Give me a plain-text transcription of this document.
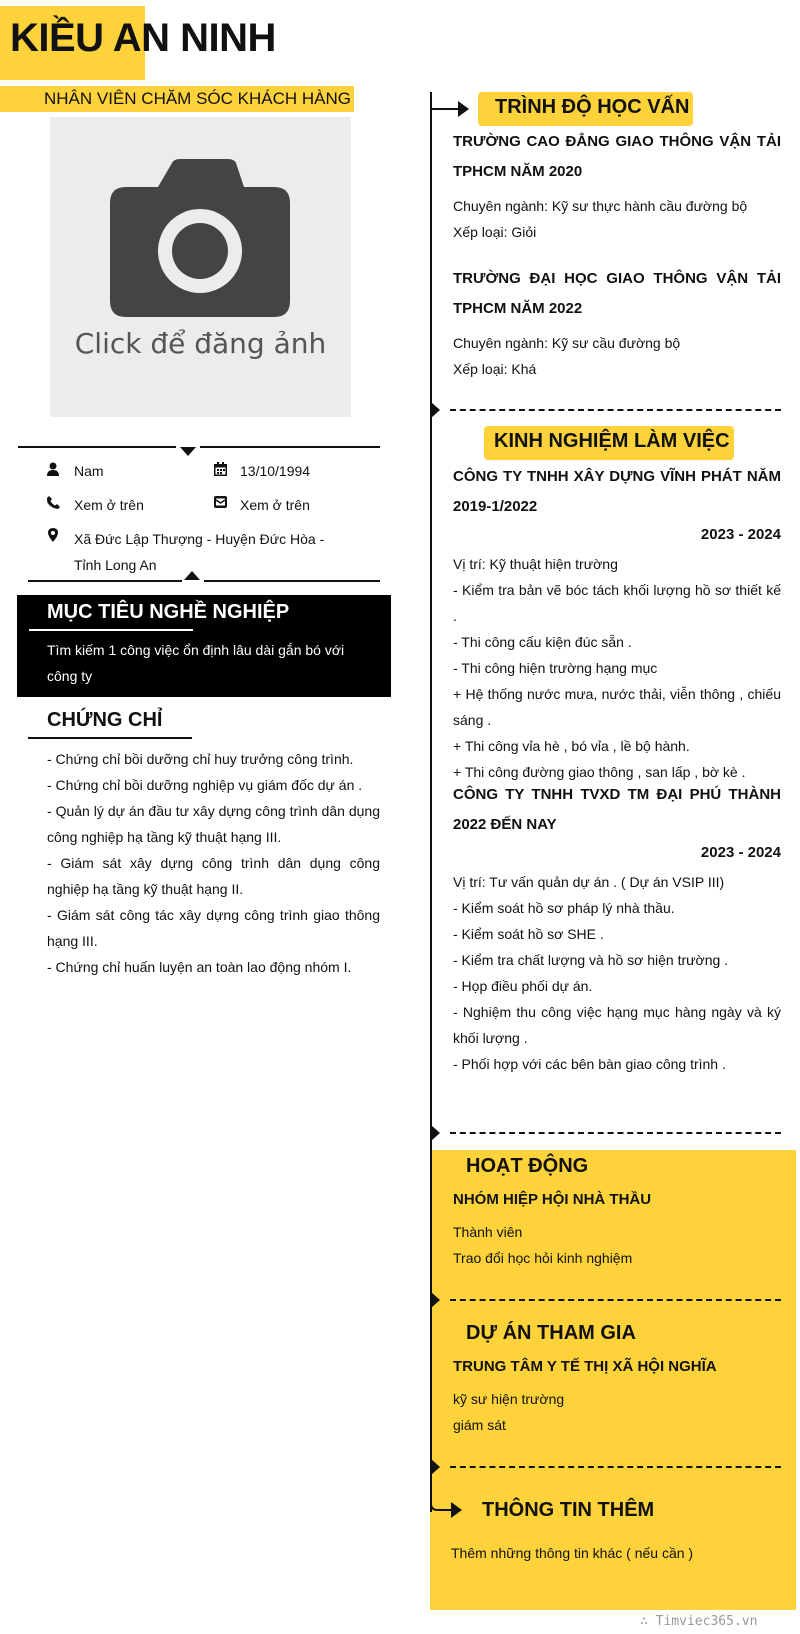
KIỀU AN NINH
NHÂN VIÊN CHĂM SÓC KHÁCH HÀNG
Click để đăng ảnh
Nam	13/10/1994
Xem ở trên	Xem ở trên
Xã Đức Lập Thượng - Huyện Đức Hòa -
Tỉnh Long An
MỤC TIÊU NGHỀ NGHIỆP
Tìm kiếm 1 công việc ổn định lâu dài gắn bó với công ty
CHỨNG CHỈ
- Chứng chỉ bồi dưỡng chỉ huy trưởng công trình.
- Chứng chỉ bồi dưỡng nghiệp vụ giám đốc dự án .
- Quản lý dự án đầu tư xây dựng công trình dân dụng công nghiệp hạ tầng kỹ thuật hạng III.
- Giám sát xây dựng công trình dân dụng công nghiệp hạ tầng kỹ thuật hạng II.
- Giám sát công tác xây dựng công trình giao thông hạng III.
- Chứng chỉ huấn luyện an toàn lao động nhóm I.
TRÌNH ĐỘ HỌC VẤN
TRƯỜNG CAO ĐẲNG GIAO THÔNG VẬN TẢI TPHCM NĂM 2020
Chuyên ngành: Kỹ sư thực hành cầu đường bộ
Xếp loại: Giỏi
TRƯỜNG ĐẠI HỌC GIAO THÔNG VẬN TẢI TPHCM NĂM 2022
Chuyên ngành: Kỹ sư cầu đường bộ
Xếp loại: Khá
KINH NGHIỆM LÀM VIỆC
CÔNG TY TNHH XÂY DỰNG VĨNH PHÁT NĂM 2019-1/2022
2023 - 2024
Vị trí: Kỹ thuật hiện trường
- Kiểm tra bản vẽ bóc tách khối lượng hồ sơ thiết kế .
- Thi công cấu kiện đúc sẵn .
- Thi công hiện trường hạng mục
+ Hệ thống nước mưa, nước thải, viễn thông , chiếu sáng .
+ Thi công vỉa hè , bó vỉa , lề bộ hành.
+ Thi công đường giao thông , san lấp , bờ kè .
CÔNG TY TNHH TVXD TM ĐẠI PHÚ THÀNH 2022 ĐẾN NAY
2023 - 2024
Vị trí: Tư vấn quản dự án . ( Dự án VSIP III)
- Kiểm soát hồ sơ pháp lý nhà thầu.
- Kiểm soát hồ sơ SHE .
- Kiểm tra chất lượng và hồ sơ hiện trường .
- Họp điều phối dự án.
- Nghiệm thu công việc hạng mục hàng ngày và ký khối lượng .
- Phối hợp với các bên bàn giao công trình .
HOẠT ĐỘNG
NHÓM HIỆP HỘI NHÀ THẦU
Thành viên
Trao đổi học hỏi kinh nghiệm
DỰ ÁN THAM GIA
TRUNG TÂM Y TẾ THỊ XÃ HỘI NGHĨA
kỹ sư hiện trường
giám sát
THÔNG TIN THÊM
Thêm những thông tin khác ( nếu cần )
∴ Timviec365.vn
